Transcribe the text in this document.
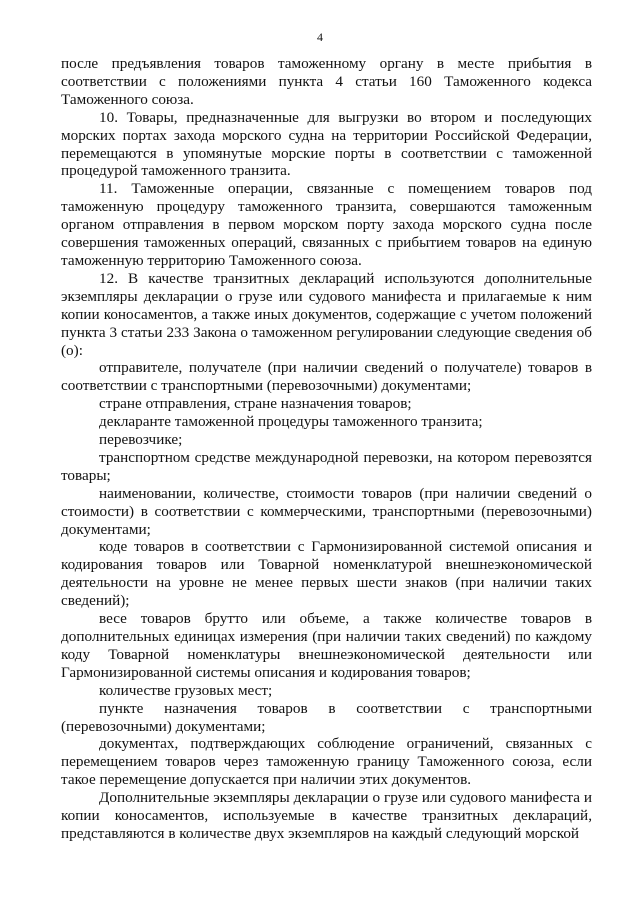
4

после предъявления товаров таможенному органу в месте прибытия в соответствии с положениями пункта 4 статьи 160 Таможенного кодекса Таможенного союза.

10. Товары, предназначенные для выгрузки во втором и последующих морских портах захода морского судна на территории Российской Федерации, перемещаются в упомянутые морские порты в соответствии с таможенной процедурой таможенного транзита.

11. Таможенные операции, связанные с помещением товаров под таможенную процедуру таможенного транзита, совершаются таможенным органом отправления в первом морском порту захода морского судна после совершения таможенных операций, связанных с прибытием товаров на единую таможенную территорию Таможенного союза.

12. В качестве транзитных деклараций используются дополнительные экземпляры декларации о грузе или судового манифеста и прилагаемые к ним копии коносаментов, а также иных документов, содержащие с учетом положений пункта 3 статьи 233 Закона о таможенном регулировании следующие сведения об (о):

отправителе, получателе (при наличии сведений о получателе) товаров в соответствии с транспортными (перевозочными) документами;

стране отправления, стране назначения товаров;

декларанте таможенной процедуры таможенного транзита;

перевозчике;

транспортном средстве международной перевозки, на котором перевозятся товары;

наименовании, количестве, стоимости товаров (при наличии сведений о стоимости) в соответствии с коммерческими, транспортными (перевозочными) документами;

коде товаров в соответствии с Гармонизированной системой описания и кодирования товаров или Товарной номенклатурой внешнеэкономической деятельности на уровне не менее первых шести знаков (при наличии таких сведений);

весе товаров брутто или объеме, а также количестве товаров в дополнительных единицах измерения (при наличии таких сведений) по каждому коду Товарной номенклатуры внешнеэкономической деятельности или Гармонизированной системы описания и кодирования товаров;

количестве грузовых мест;

пункте назначения товаров в соответствии с транспортными (перевозочными) документами;

документах, подтверждающих соблюдение ограничений, связанных с перемещением товаров через таможенную границу Таможенного союза, если такое перемещение допускается при наличии этих документов.

Дополнительные экземпляры декларации о грузе или судового манифеста и копии коносаментов, используемые в качестве транзитных деклараций, представляются в количестве двух экземпляров на каждый следующий морской
